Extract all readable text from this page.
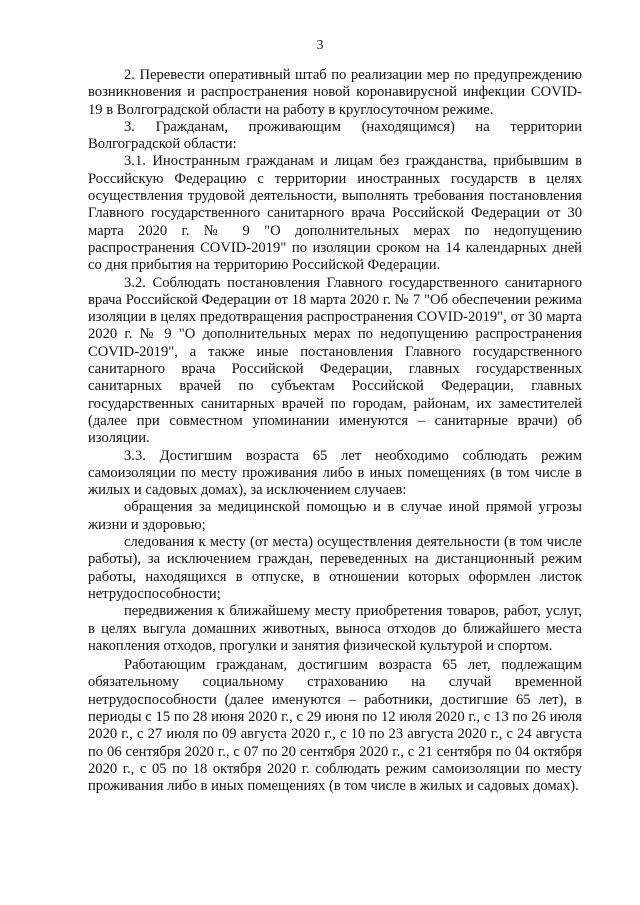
3

2. Перевести оперативный штаб по реализации мер по предупреждению возникновения и распространения новой коронавирусной инфекции COVID-19 в Волгоградской области на работу в круглосуточном режиме.

3. Гражданам, проживающим (находящимся) на территории Волгоградской области:

3.1. Иностранным гражданам и лицам без гражданства, прибывшим в Российскую Федерацию с территории иностранных государств в целях осуществления трудовой деятельности, выполнять требования постановления Главного государственного санитарного врача Российской Федерации от 30 марта 2020 г. № 9 "О дополнительных мерах по недопущению распространения COVID-2019" по изоляции сроком на 14 календарных дней со дня прибытия на территорию Российской Федерации.

3.2. Соблюдать постановления Главного государственного санитарного врача Российской Федерации от 18 марта 2020 г. № 7 "Об обеспечении режима изоляции в целях предотвращения распространения COVID-2019", от 30 марта 2020 г. № 9 "О дополнительных мерах по недопущению распространения COVID-2019", а также иные постановления Главного государственного санитарного врача Российской Федерации, главных государственных санитарных врачей по субъектам Российской Федерации, главных государственных санитарных врачей по городам, районам, их заместителей (далее при совместном упоминании именуются – санитарные врачи) об изоляции.

3.3. Достигшим возраста 65 лет необходимо соблюдать режим самоизоляции по месту проживания либо в иных помещениях (в том числе в жилых и садовых домах), за исключением случаев:

обращения за медицинской помощью и в случае иной прямой угрозы жизни и здоровью;

следования к месту (от места) осуществления деятельности (в том числе работы), за исключением граждан, переведенных на дистанционный режим работы, находящихся в отпуске, в отношении которых оформлен листок нетрудоспособности;

передвижения к ближайшему месту приобретения товаров, работ, услуг, в целях выгула домашних животных, выноса отходов до ближайшего места накопления отходов, прогулки и занятия физической культурой и спортом.

Работающим гражданам, достигшим возраста 65 лет, подлежащим обязательному социальному страхованию на случай временной нетрудоспособности (далее именуются – работники, достигшие 65 лет), в периоды с 15 по 28 июня 2020 г., с 29 июня по 12 июля 2020 г., с 13 по 26 июля 2020 г., с 27 июля по 09 августа 2020 г., с 10 по 23 августа 2020 г., с 24 августа по 06 сентября 2020 г., с 07 по 20 сентября 2020 г., с 21 сентября по 04 октября 2020 г., с 05 по 18 октября 2020 г. соблюдать режим самоизоляции по месту проживания либо в иных помещениях (в том числе в жилых и садовых домах).
